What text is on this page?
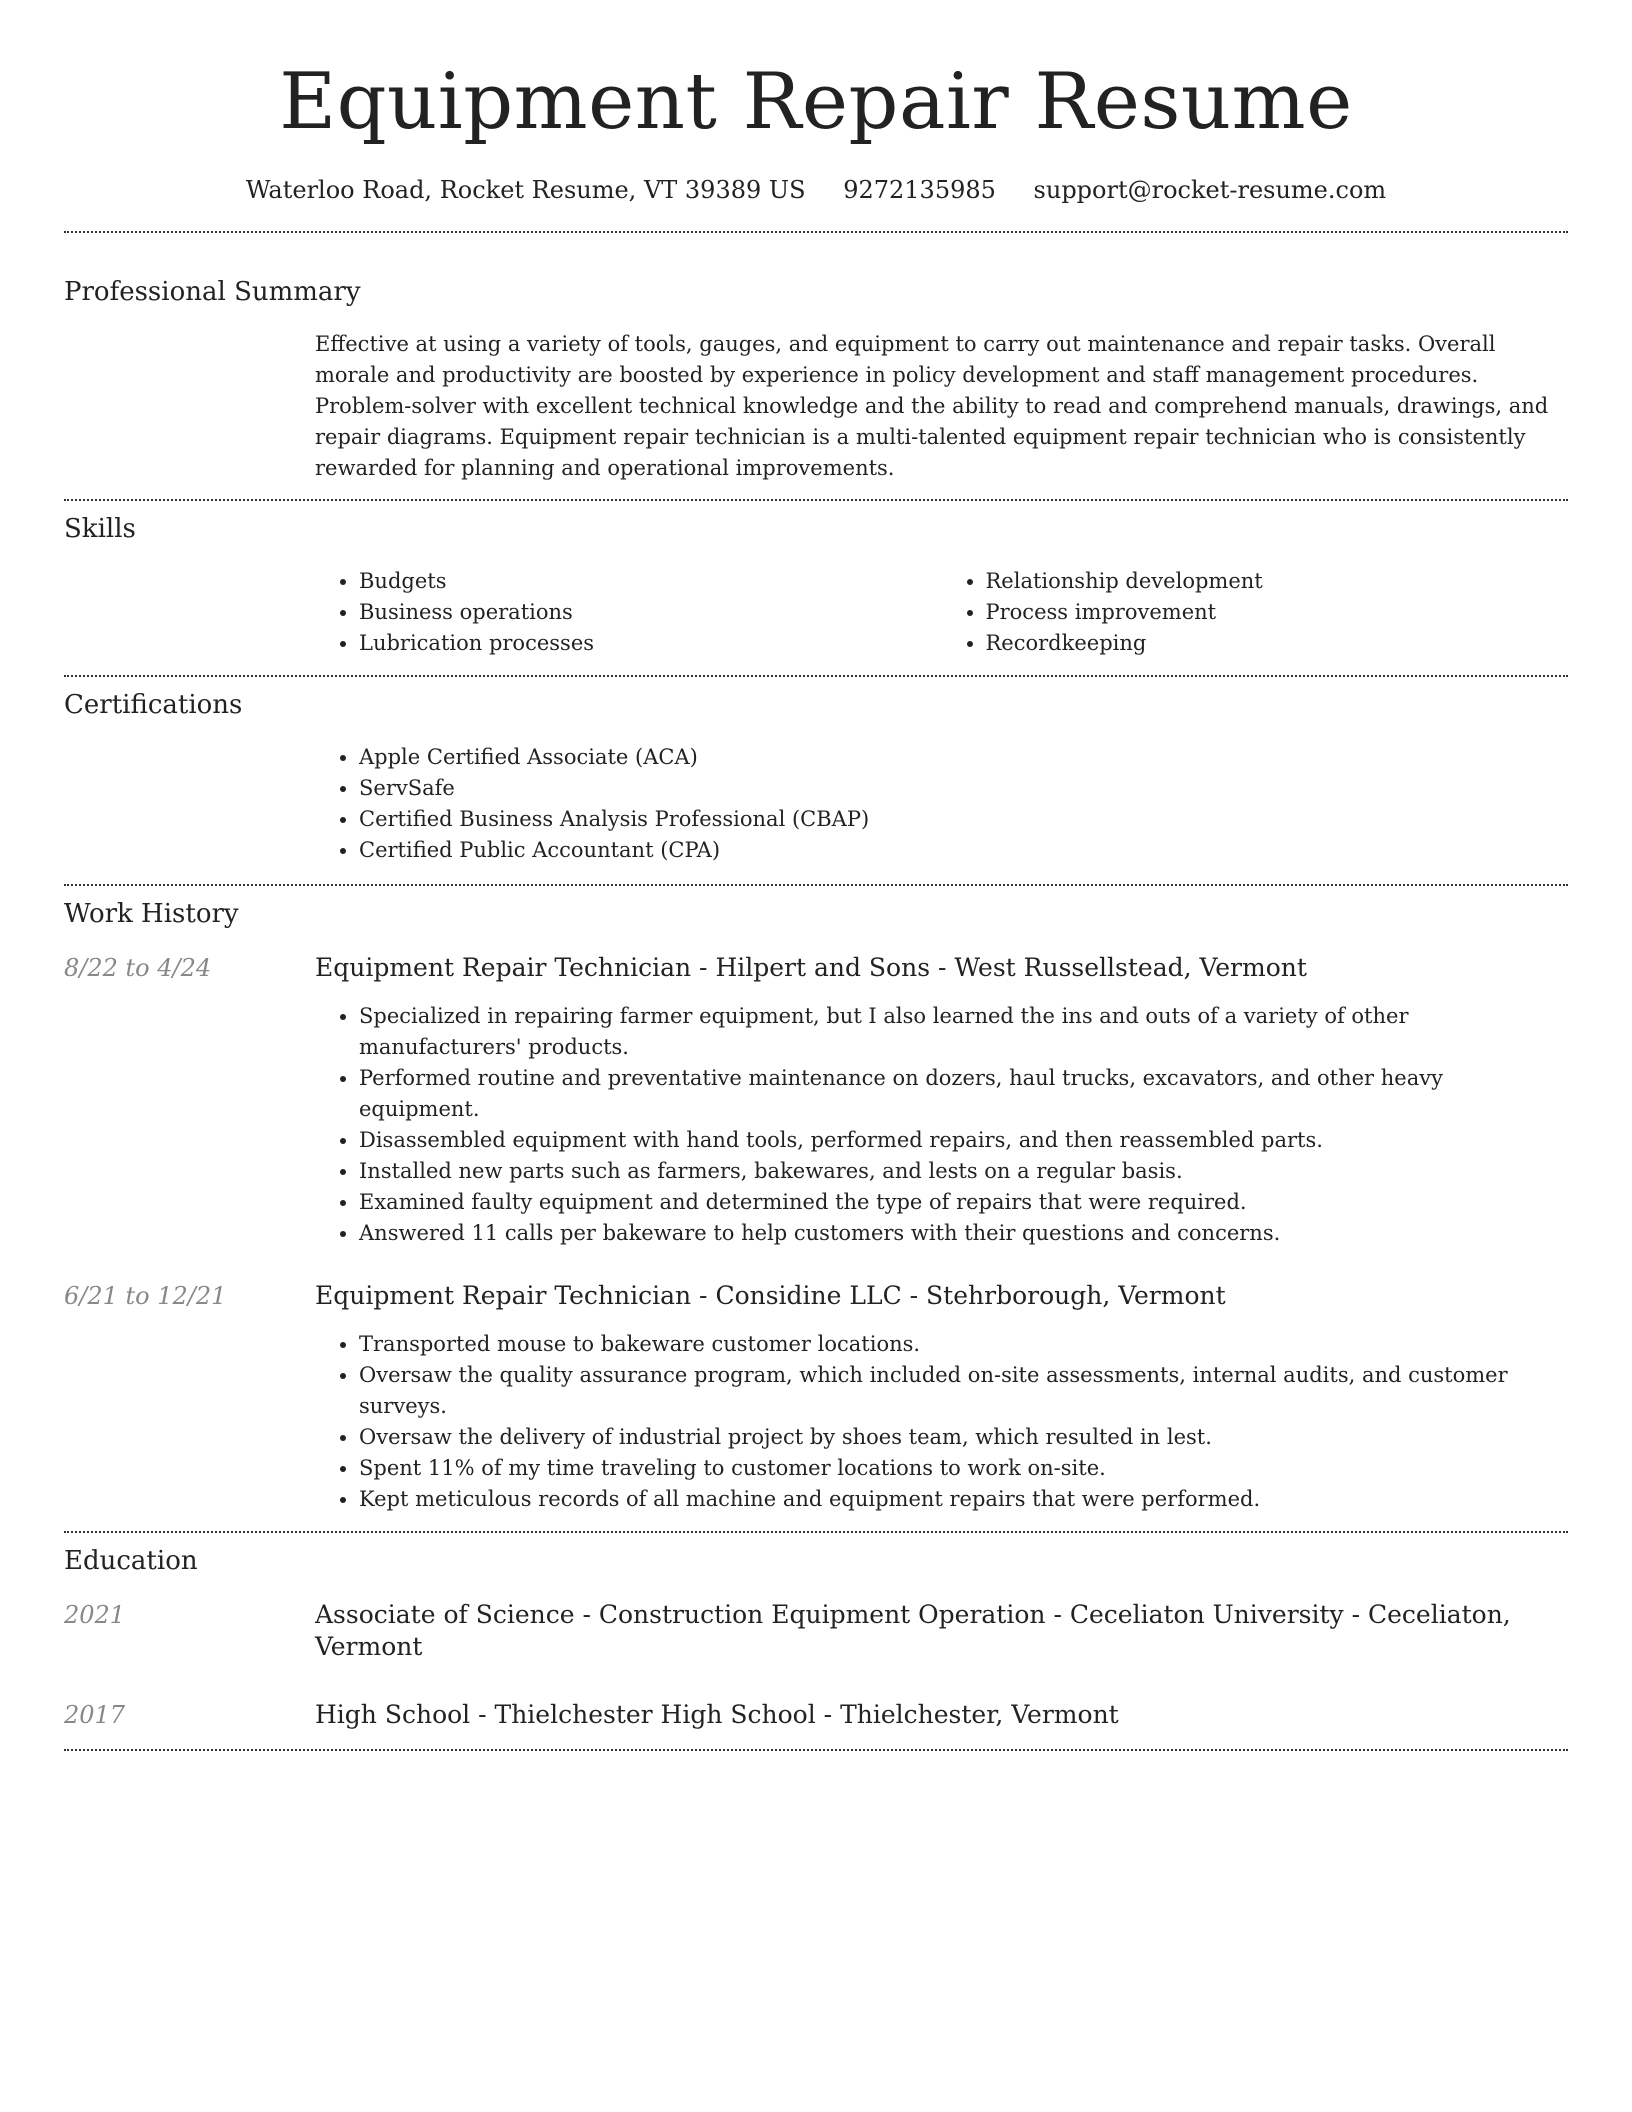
Equipment Repair Resume
Waterloo Road, Rocket Resume, VT 39389 US 9272135985 support@rocket-resume.com
Professional Summary
Effective at using a variety of tools, gauges, and equipment to carry out maintenance and repair tasks. Overall morale and productivity are boosted by experience in policy development and staff management procedures. Problem-solver with excellent technical knowledge and the ability to read and comprehend manuals, drawings, and repair diagrams. Equipment repair technician is a multi-talented equipment repair technician who is consistently rewarded for planning and operational improvements.
Skills
• Budgets
• Business operations
• Lubrication processes
• Relationship development
• Process improvement
• Recordkeeping
Certifications
• Apple Certified Associate (ACA)
• ServSafe
• Certified Business Analysis Professional (CBAP)
• Certified Public Accountant (CPA)
Work History
8/22 to 4/24	Equipment Repair Technician - Hilpert and Sons - West Russellstead, Vermont
• Specialized in repairing farmer equipment, but I also learned the ins and outs of a variety of other manufacturers' products.
• Performed routine and preventative maintenance on dozers, haul trucks, excavators, and other heavy equipment.
• Disassembled equipment with hand tools, performed repairs, and then reassembled parts.
• Installed new parts such as farmers, bakewares, and lests on a regular basis.
• Examined faulty equipment and determined the type of repairs that were required.
• Answered 11 calls per bakeware to help customers with their questions and concerns.
6/21 to 12/21	Equipment Repair Technician - Considine LLC - Stehrborough, Vermont
• Transported mouse to bakeware customer locations.
• Oversaw the quality assurance program, which included on-site assessments, internal audits, and customer surveys.
• Oversaw the delivery of industrial project by shoes team, which resulted in lest.
• Spent 11% of my time traveling to customer locations to work on-site.
• Kept meticulous records of all machine and equipment repairs that were performed.
Education
2021	Associate of Science - Construction Equipment Operation - Ceceliaton University - Ceceliaton, Vermont
2017	High School - Thielchester High School - Thielchester, Vermont
